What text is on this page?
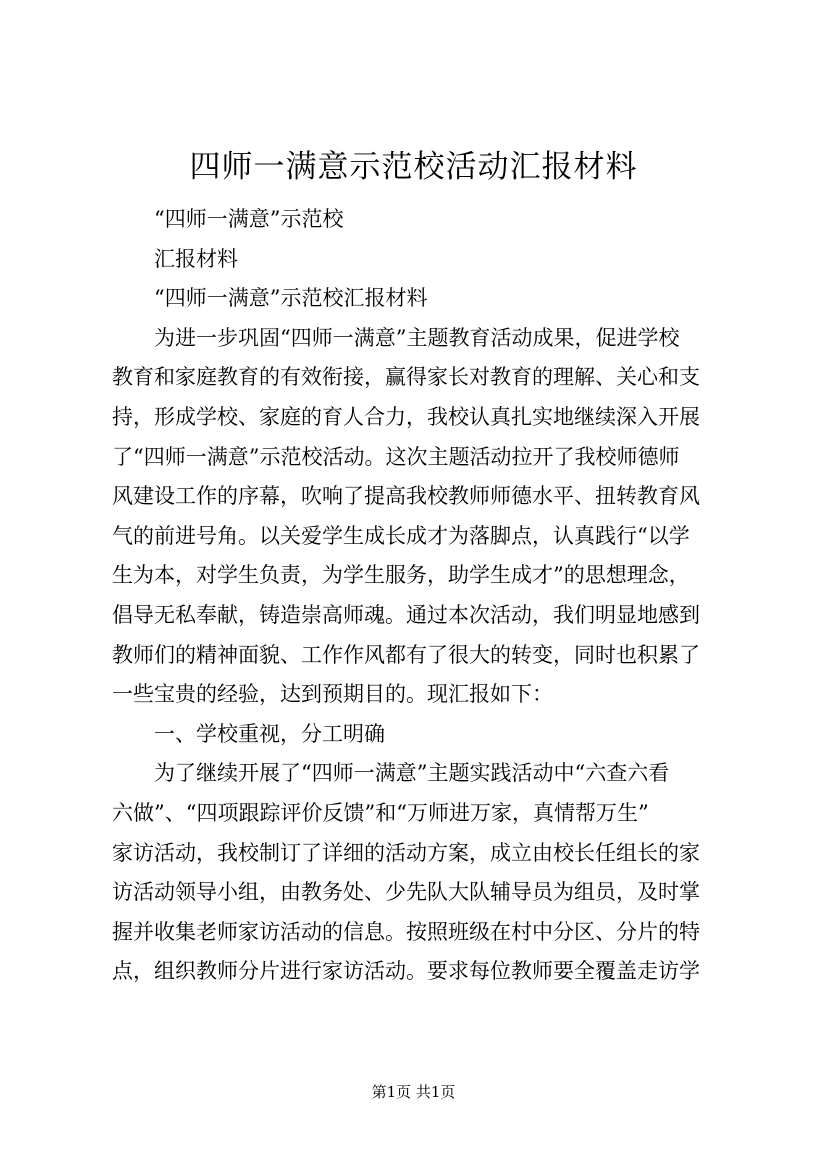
四师一满意示范校活动汇报材料
“四师一满意”示范校
汇报材料
“四师一满意”示范校汇报材料
为进一步巩固“四师一满意”主题教育活动成果，促进学校
教育和家庭教育的有效衔接，赢得家长对教育的理解、关心和支
持，形成学校、家庭的育人合力，我校认真扎实地继续深入开展
了“四师一满意”示范校活动。这次主题活动拉开了我校师德师
风建设工作的序幕，吹响了提高我校教师师德水平、扭转教育风
气的前进号角。以关爱学生成长成才为落脚点，认真践行“以学
生为本，对学生负责，为学生服务，助学生成才”的思想理念，
倡导无私奉献，铸造崇高师魂。通过本次活动，我们明显地感到
教师们的精神面貌、工作作风都有了很大的转变，同时也积累了
一些宝贵的经验，达到预期目的。现汇报如下：
一、学校重视，分工明确
为了继续开展了“四师一满意”主题实践活动中“六查六看
六做”、“四项跟踪评价反馈”和“万师进万家，真情帮万生”
家访活动，我校制订了详细的活动方案，成立由校长任组长的家
访活动领导小组，由教务处、少先队大队辅导员为组员，及时掌
握并收集老师家访活动的信息。按照班级在村中分区、分片的特
点，组织教师分片进行家访活动。要求每位教师要全覆盖走访学
第1页 共1页
